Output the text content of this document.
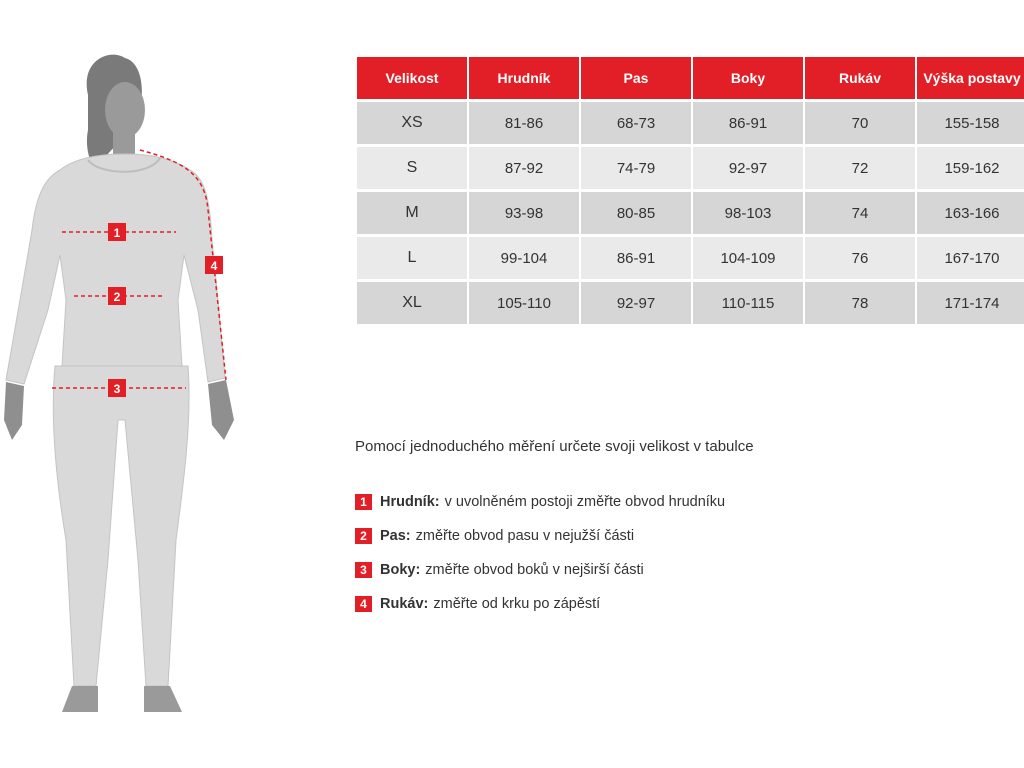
1
2
3
4
Velikost	Hrudník	Pas	Boky	Rukáv	Výška postavy
XS	81-86	68-73	86-91	70	155-158
S	87-92	74-79	92-97	72	159-162
M	93-98	80-85	98-103	74	163-166
L	99-104	86-91	104-109	76	167-170
XL	105-110	92-97	110-115	78	171-174
Pomocí jednoduchého měření určete svoji velikost v tabulce
1 Hrudník: v uvolněném postoji změřte obvod hrudníku
2 Pas: změřte obvod pasu v nejužší části
3 Boky: změřte obvod boků v nejširší části
4 Rukáv: změřte od krku po zápěstí
